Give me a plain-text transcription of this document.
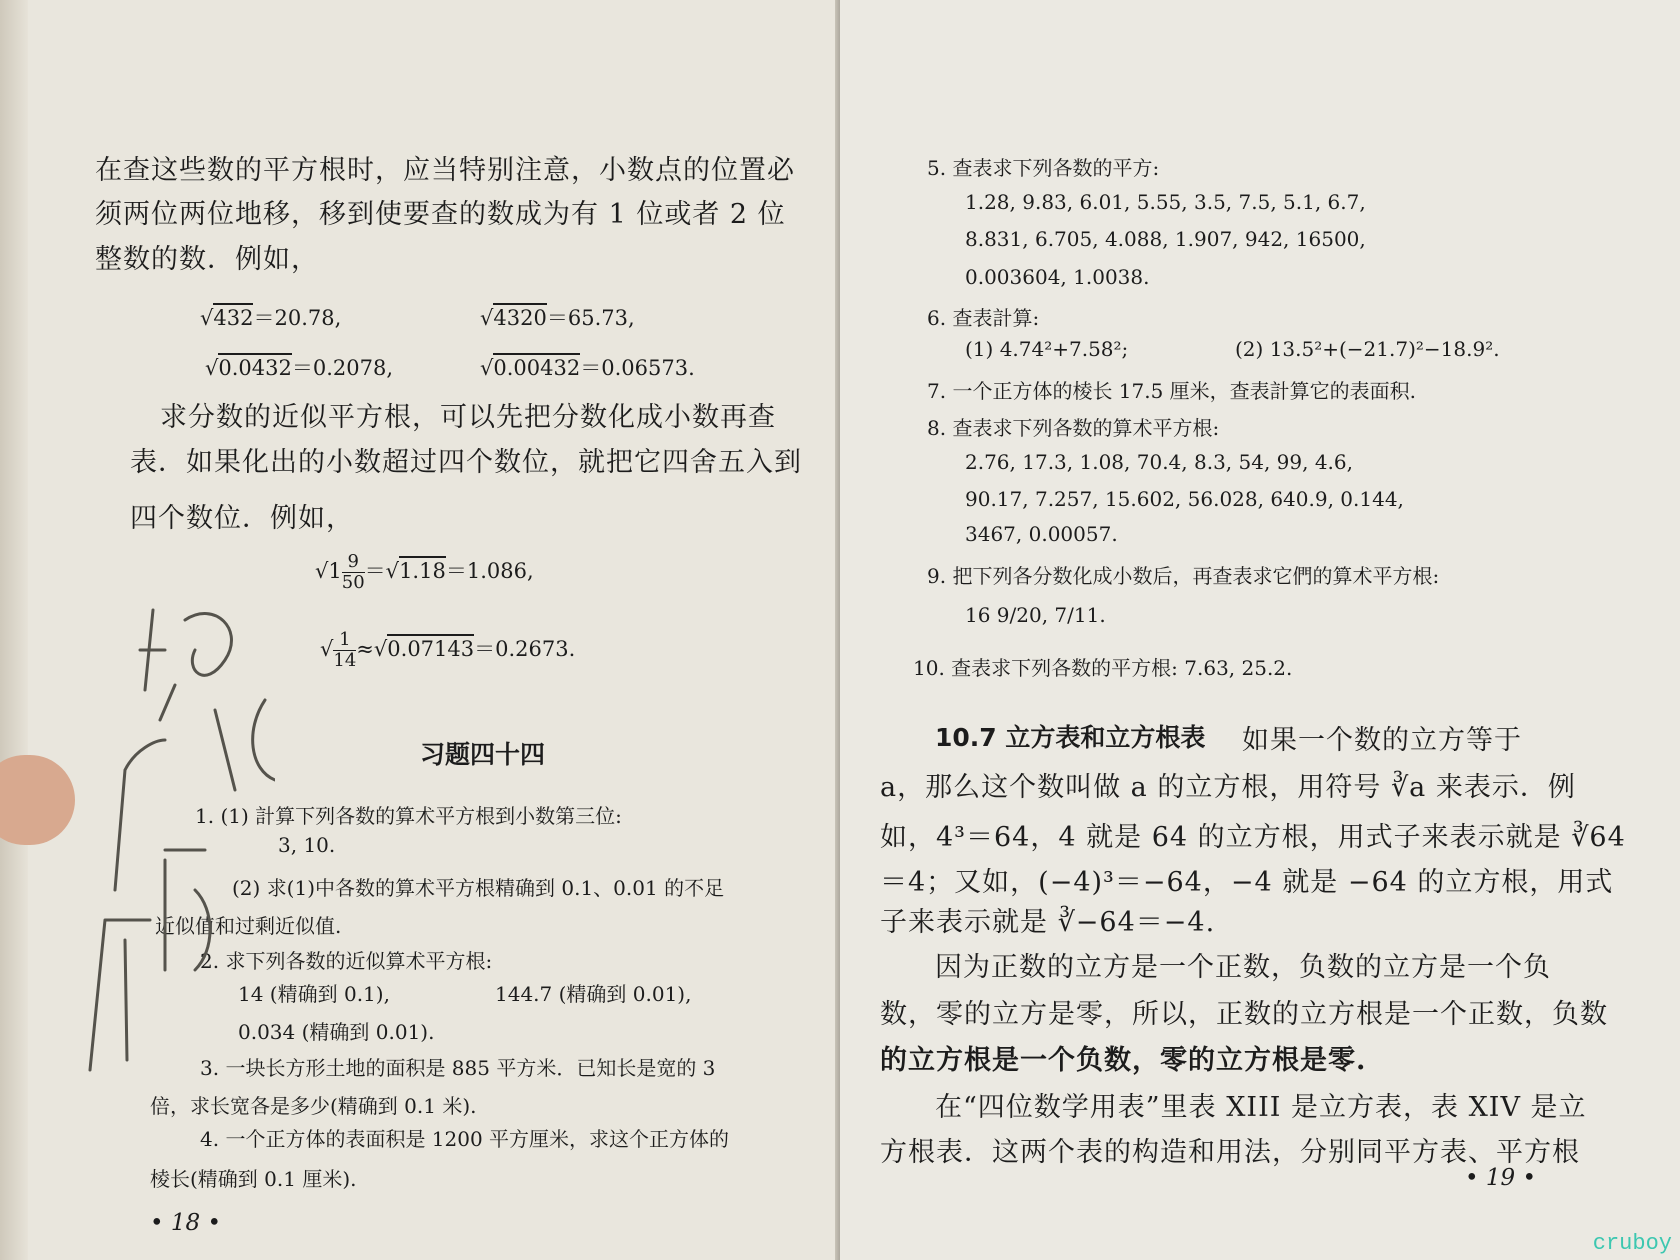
在查这些数的平方根时，应当特别注意，小数点的位置必
须两位两位地移，移到使要查的数成为有 1 位或者 2 位
整数的数．例如，
√432＝20.78,	√4320＝65.73,
√0.0432＝0.2078,	√0.00432＝0.06573.
求分数的近似平方根，可以先把分数化成小数再查
表．如果化出的小数超过四个数位，就把它四舍五入到
四个数位．例如，
$√1 \frac{9}{50} =√1.18=1.086$,
√ $\frac{1}{14} \approx√0.07143=0.2673$.
习题四十四
1. (1) 計算下列各数的算术平方根到小数第三位:
3, 10.
(2) 求(1)中各数的算术平方根精确到 0.1、0.01 的不足
近似值和过剩近似值.
2. 求下列各数的近似算术平方根:
14 (精确到 0.1),	144.7 (精确到 0.01),
0.034 (精确到 0.01).
3. 一块长方形土地的面积是 885 平方米．已知长是宽的 3
倍，求长宽各是多少(精确到 0.1 米).
4. 一个正方体的表面积是 1200 平方厘米，求这个正方体的
棱长(精确到 0.1 厘米).
• 18 •
5. 查表求下列各数的平方:
1.28, 9.83, 6.01, 5.55, 3.5, 7.5, 5.1, 6.7,
8.831, 6.705, 4.088, 1.907, 942, 16500,
0.003604, 1.0038.
6. 查表計算:
(1) 4.74²+7.58²;	(2) 13.5²+(−21.7)²−18.9².
7. 一个正方体的棱长 17.5 厘米，查表計算它的表面积.
8. 查表求下列各数的算术平方根:
2.76, 17.3, 1.08, 70.4, 8.3, 54, 99, 4.6,
90.17, 7.257, 15.602, 56.028, 640.9, 0.144,
3467, 0.00057.
9. 把下列各分数化成小数后，再查表求它們的算术平方根:
16 9/20, 7/11.
10. 查表求下列各数的平方根: 7.63, 25.2.
10.7 立方表和立方根表 如果一个数的立方等于
a，那么这个数叫做 a 的立方根，用符号 ∛a 来表示．例
如，4³＝64，4 就是 64 的立方根，用式子来表示就是 ∛64
＝4；又如，(−4)³＝−64，−4 就是 −64 的立方根，用式
子来表示就是 ∛−64＝−4.
因为正数的立方是一个正数，负数的立方是一个负
数，零的立方是零，所以，正数的立方根是一个正数，负数
的立方根是一个负数，零的立方根是零.
在“四位数学用表”里表 XIII 是立方表，表 XIV 是立
方根表．这两个表的构造和用法，分别同平方表、平方根
• 19 •
cruboy
